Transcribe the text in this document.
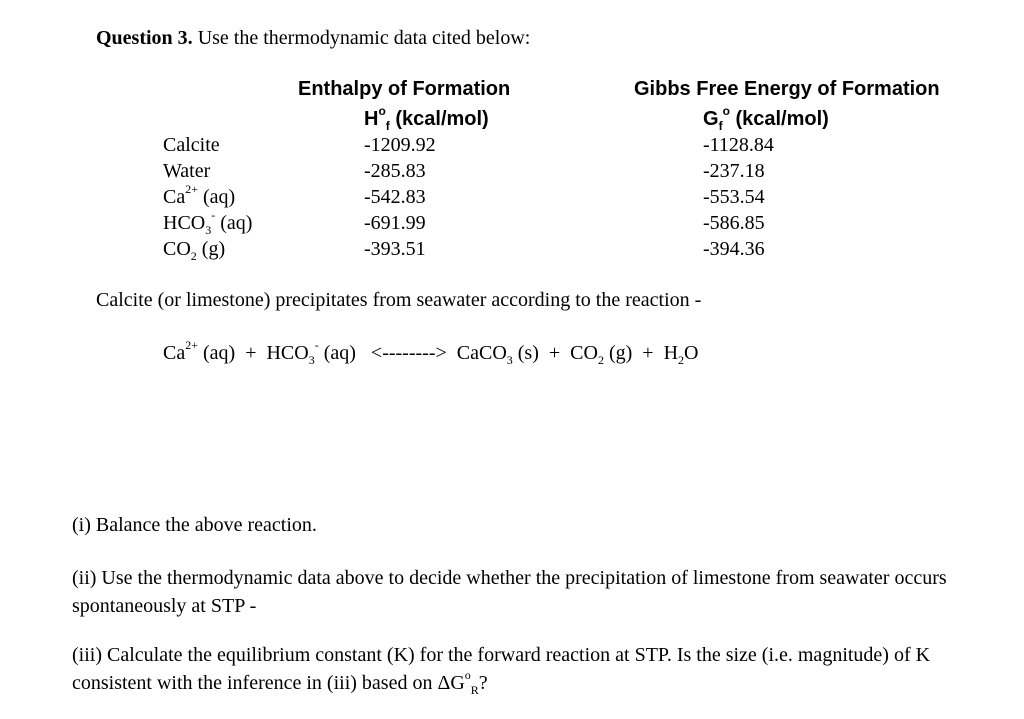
Question 3. Use the thermodynamic data cited below:
Enthalpy of Formation
$H^o_f$ (kcal/mol)
Gibbs Free Energy of Formation
$G_f^o$ (kcal/mol)
Calcite	-1209.92	-1128.84
Water	-285.83	-237.18
$Ca^{2+}$ (aq)	-542.83	-553.54
$HCO_3^-$ (aq)	-691.99	-586.85
$CO_2$ (g)	-393.51	-394.36
Calcite (or limestone) precipitates from seawater according to the reaction -
$Ca^{2+}$ $(aq) + HCO_3^-$ (aq) <--------> CaCO$_3$ $(s) + CO_2$ $(g) + H_2O$
(i) Balance the above reaction.
(ii) Use the thermodynamic data above to decide whether the precipitation of limestone from seawater occurs spontaneously at STP -
(iii) Calculate the equilibrium constant (K) for the forward reaction at STP. Is the size (i.e. magnitude) of K consistent with the inference in (iii) based on $\Delta G^o_R$?
